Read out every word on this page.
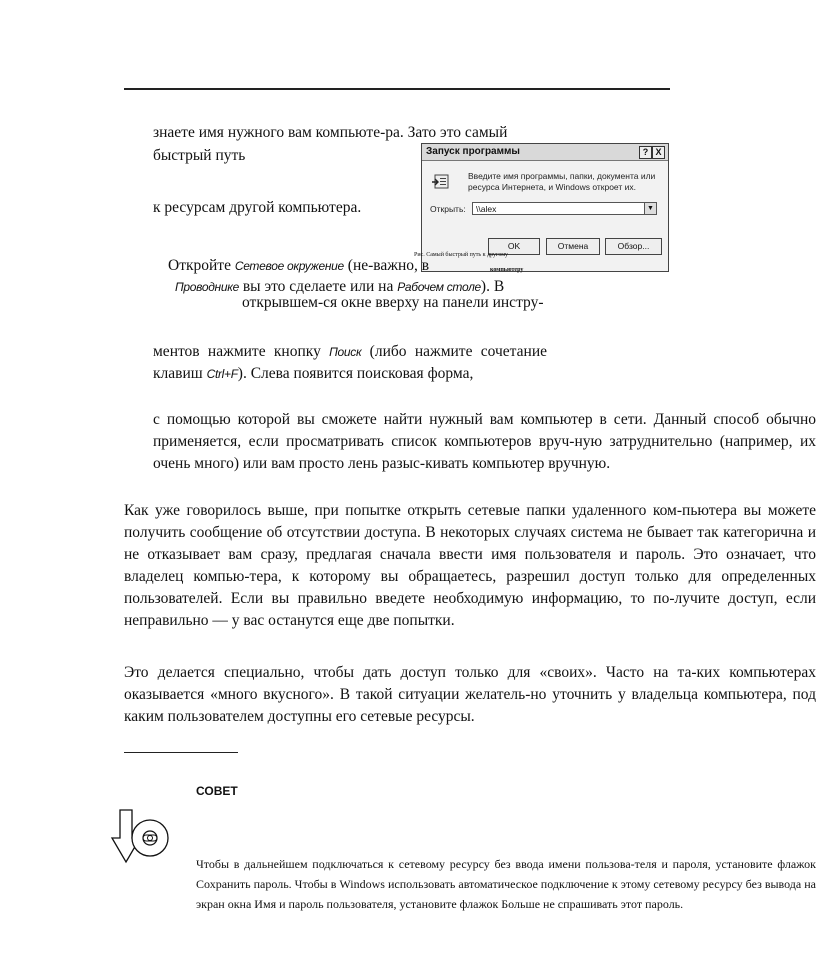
знаете имя нужного вам компьюте-ра. Зато это самый
быстрый путь
к ресурсам другой компьютера.
Запуск программы	? X
Введите имя программы, папки, документа или
ресурса Интернета, и Windows откроет их.
Открыть:	\\alex	▼
OK	Отмена	Обзор...
Рис. Самый быстрый путь к другому
компьютеру
Откройте Сетевое окружение (не-важно, в
Проводнике вы это сделаете или на Рабочем столе). В
открывшем-ся окне вверху на панели инстру-
ментов нажмите кнопку Поиск (либо нажмите сочетание
клавиш Ctrl+F). Слева появится поисковая форма,
с помощью которой вы сможете найти нужный вам компьютер в сети. Данный способ обычно применяется, если просматривать список компьютеров вруч-ную затруднительно (например, их очень много) или вам просто лень разыс-кивать компьютер вручную.
Как уже говорилось выше, при попытке открыть сетевые папки удаленного ком-пьютера вы можете получить сообщение об отсутствии доступа. В некоторых случаях система не бывает так категорична и не отказывает вам сразу, предлагая сначала ввести имя пользователя и пароль. Это означает, что владелец компью-тера, к которому вы обращаетесь, разрешил доступ только для определенных пользователей. Если вы правильно введете необходимую информацию, то по-лучите доступ, если неправильно — у вас останутся еще две попытки.
Это делается специально, чтобы дать доступ только для «своих». Часто на та-ких компьютерах оказывается «много вкусного». В такой ситуации желатель-но уточнить у владельца компьютера, под каким пользователем доступны его сетевые ресурсы.
СОВЕТ
Чтобы в дальнейшем подключаться к сетевому ресурсу без ввода имени пользова-теля и пароля, установите флажок Сохранить пароль. Чтобы в Windows использовать автоматическое подключение к этому сетевому ресурсу без вывода на экран окна Имя и пароль пользователя, установите флажок Больше не спрашивать этот пароль.
